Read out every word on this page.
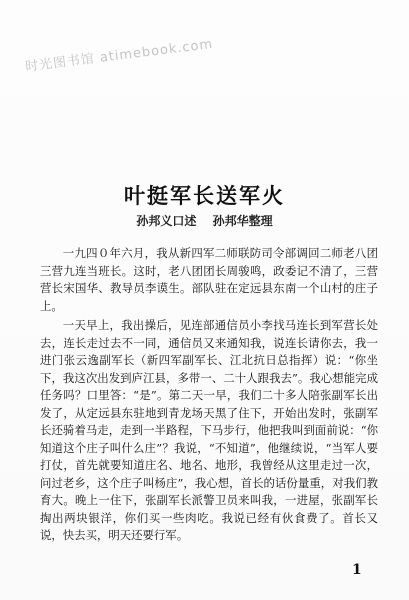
时光图书馆 atimebook.com
叶挺军长送军火
孙邦义口述 孙邦华整理

一九四０年六月，我从新四军二师联防司令部调回二师老八团三营九连当班长。这时，老八团团长周骏鸣，政委记不清了，三营营长宋国华、教导员李谟生。部队驻在定远县东南一个山村的庄子上。

一天早上，我出操后，见连部通信员小李找马连长到军营长处去，连长走过去不一同，通信员又来通知我，说连长请你去，我一进门张云逸副军长（新四军副军长、江北抗日总指挥）说：“你坐下，我这次出发到庐江县，多带一、二十人跟我去”。我心想能完成任务吗？口里答：“是”。第二天一早，我们二十多人陪张副军长出发了，从定远县东驻地到青龙场天黑了住下，开始出发时，张副军长还骑着马走，走到一半路程，下马步行，他把我叫到面前说：“你知道这个庄子叫什么庄”？我说，“不知道”，他继续说，“当军人要打仗，首先就要知道庄名、地名、地形，我曾经从这里走过一次，问过老乡，这个庄子叫杨庄”，我心想，首长的话份量重，对我们教育大。晚上一住下，张副军长派警卫员来叫我，一进屋，张副军长掏出两块银洋，你们买一些肉吃。我说已经有伙食费了。首长又说，快去买，明天还要行军。

1
